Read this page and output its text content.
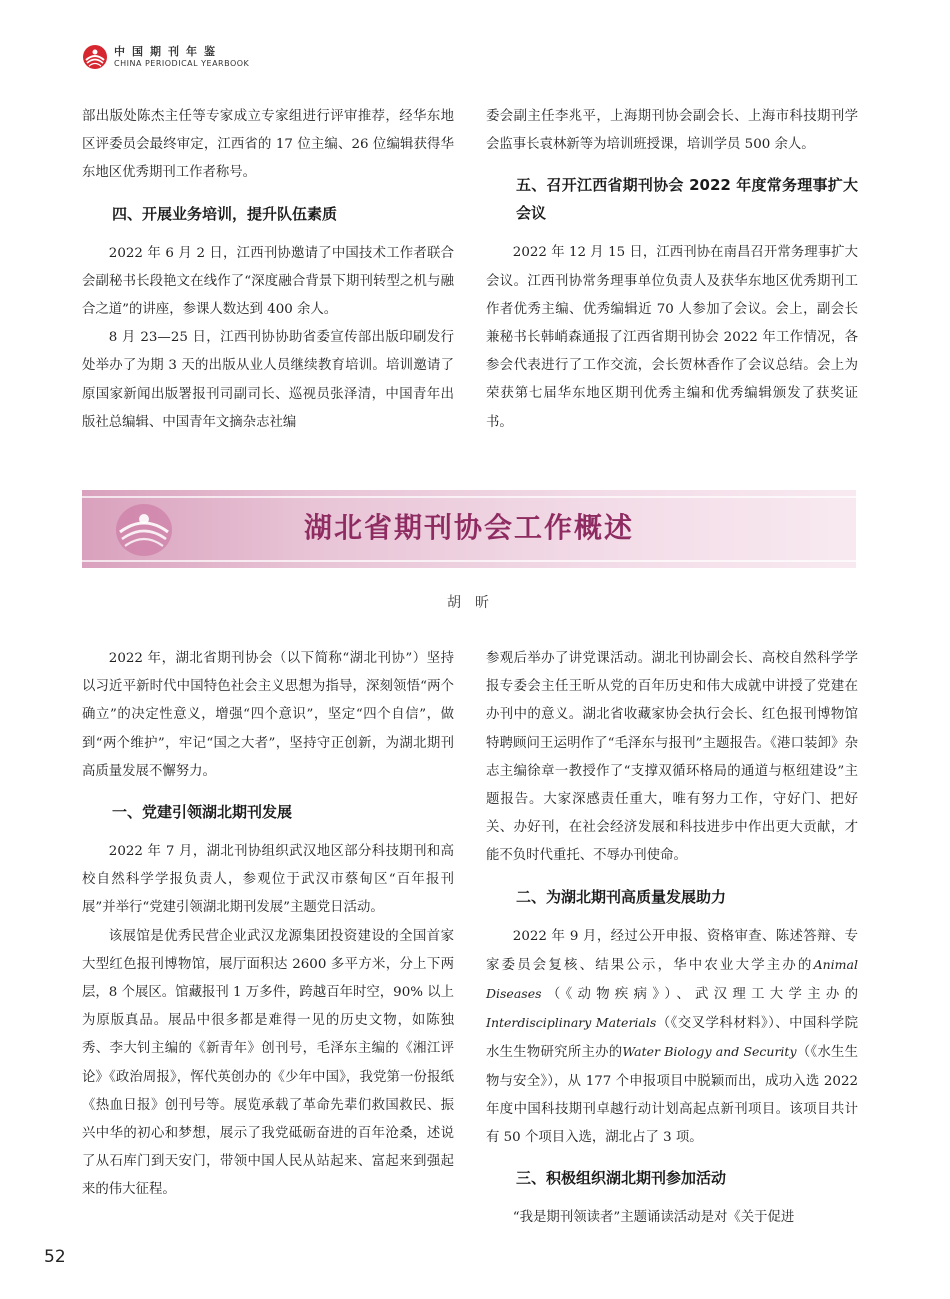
中国期刊年鉴
CHINA PERIODICAL YEARBOOK

部出版处陈杰主任等专家成立专家组进行评审推荐，经华东地区评委员会最终审定，江西省的 17 位主编、26 位编辑获得华东地区优秀期刊工作者称号。

四、开展业务培训，提升队伍素质

2022 年 6 月 2 日，江西刊协邀请了中国技术工作者联合会副秘书长段艳文在线作了“深度融合背景下期刊转型之机与融合之道”的讲座，参课人数达到 400 余人。

8 月 23—25 日，江西刊协协助省委宣传部出版印刷发行处举办了为期 3 天的出版从业人员继续教育培训。培训邀请了原国家新闻出版署报刊司副司长、巡视员张泽清，中国青年出版社总编辑、中国青年文摘杂志社编

委会副主任李兆平，上海期刊协会副会长、上海市科技期刊学会监事长袁林新等为培训班授课，培训学员 500 余人。

五、召开江西省期刊协会 2022 年度常务理事扩大会议

2022 年 12 月 15 日，江西刊协在南昌召开常务理事扩大会议。江西刊协常务理事单位负责人及获华东地区优秀期刊工作者优秀主编、优秀编辑近 70 人参加了会议。会上，副会长兼秘书长韩峭森通报了江西省期刊协会 2022 年工作情况，各参会代表进行了工作交流，会长贺林香作了会议总结。会上为荣获第七届华东地区期刊优秀主编和优秀编辑颁发了获奖证书。

湖北省期刊协会工作概述
胡昕

2022 年，湖北省期刊协会（以下简称“湖北刊协”）坚持以习近平新时代中国特色社会主义思想为指导，深刻领悟“两个确立”的决定性意义，增强“四个意识”，坚定“四个自信”，做到“两个维护”，牢记“国之大者”，坚持守正创新，为湖北期刊高质量发展不懈努力。

一、党建引领湖北期刊发展

2022 年 7 月，湖北刊协组织武汉地区部分科技期刊和高校自然科学学报负责人，参观位于武汉市蔡甸区“百年报刊展”并举行“党建引领湖北期刊发展”主题党日活动。

该展馆是优秀民营企业武汉龙源集团投资建设的全国首家大型红色报刊博物馆，展厅面积达 2600 多平方米，分上下两层，8 个展区。馆藏报刊 1 万多件，跨越百年时空，90% 以上为原版真品。展品中很多都是难得一见的历史文物，如陈独秀、李大钊主编的《新青年》创刊号，毛泽东主编的《湘江评论》《政治周报》，恽代英创办的《少年中国》，我党第一份报纸《热血日报》创刊号等。展览承载了革命先辈们救国救民、振兴中华的初心和梦想，展示了我党砥砺奋进的百年沧桑，述说了从石库门到天安门，带领中国人民从站起来、富起来到强起来的伟大征程。

参观后举办了讲党课活动。湖北刊协副会长、高校自然科学学报专委会主任王昕从党的百年历史和伟大成就中讲授了党建在办刊中的意义。湖北省收藏家协会执行会长、红色报刊博物馆特聘顾问王运明作了“毛泽东与报刊”主题报告。《港口装卸》杂志主编徐章一教授作了“支撑双循环格局的通道与枢纽建设”主题报告。大家深感责任重大，唯有努力工作，守好门、把好关、办好刊，在社会经济发展和科技进步中作出更大贡献，才能不负时代重托、不辱办刊使命。

二、为湖北期刊高质量发展助力

2022 年 9 月，经过公开申报、资格审查、陈述答辩、专家委员会复核、结果公示，华中农业大学主办的Animal Diseases（《动物疾病》）、武汉理工大学主办的Interdisciplinary Materials（《交叉学科材料》）、中国科学院水生生物研究所主办的Water Biology and Security（《水生生物与安全》），从 177 个申报项目中脱颖而出，成功入选 2022 年度中国科技期刊卓越行动计划高起点新刊项目。该项目共计有 50 个项目入选，湖北占了 3 项。

三、积极组织湖北期刊参加活动

“我是期刊领读者”主题诵读活动是对《关于促进

52
